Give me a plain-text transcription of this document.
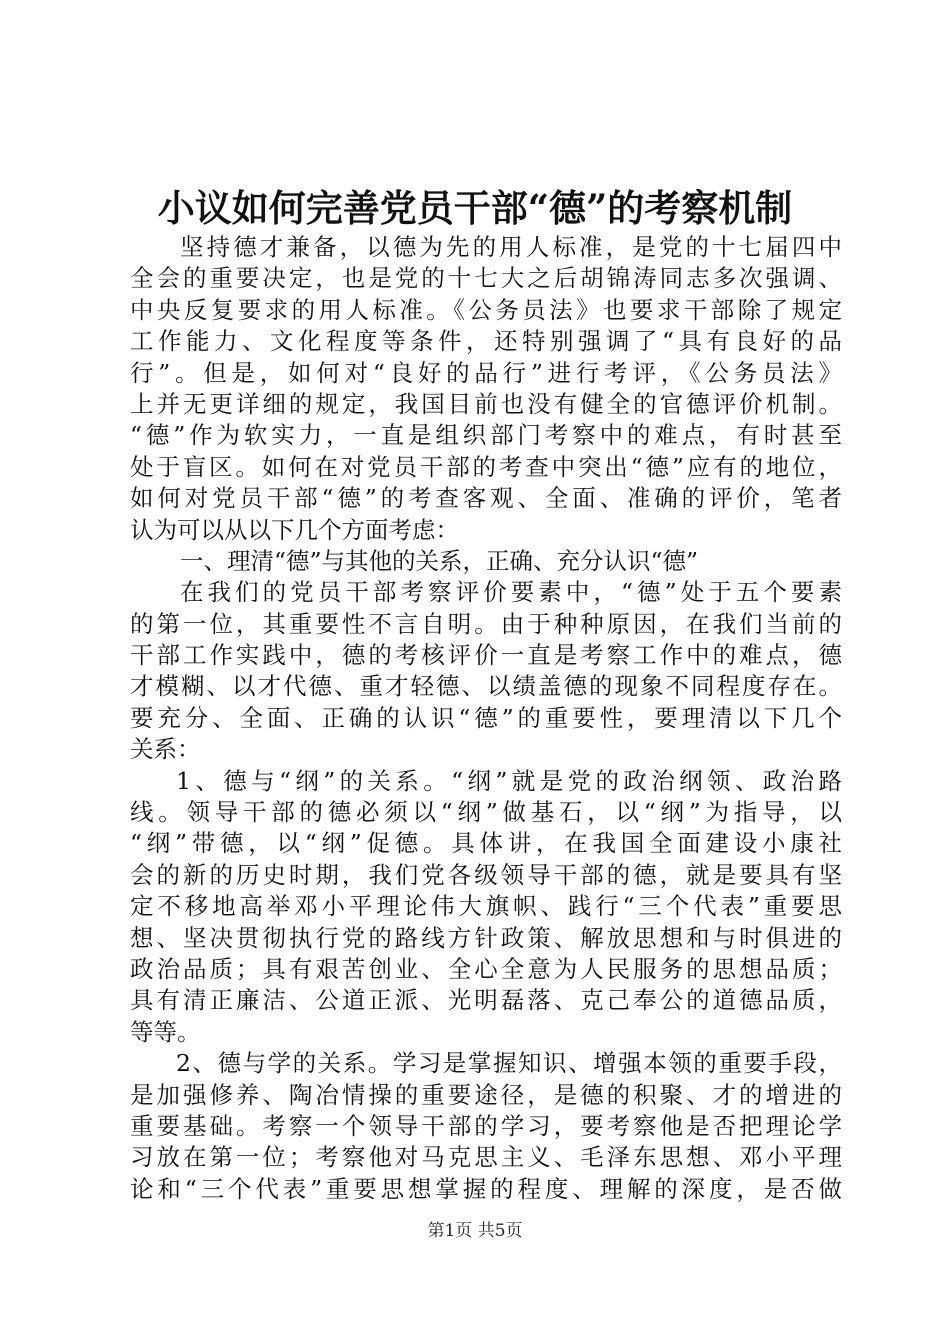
小议如何完善党员干部“德”的考察机制
坚持德才兼备，以德为先的用人标准，是党的十七届四中
全会的重要决定，也是党的十七大之后胡锦涛同志多次强调、
中央反复要求的用人标准。《公务员法》也要求干部除了规定
工作能力、文化程度等条件，还特别强调了“具有良好的品
行”。但是，如何对“良好的品行”进行考评，《公务员法》
上并无更详细的规定，我国目前也没有健全的官德评价机制。
“德”作为软实力，一直是组织部门考察中的难点，有时甚至
处于盲区。如何在对党员干部的考查中突出“德”应有的地位，
如何对党员干部“德”的考查客观、全面、准确的评价，笔者
认为可以从以下几个方面考虑：
一、理清“德”与其他的关系，正确、充分认识“德”
在我们的党员干部考察评价要素中，“德”处于五个要素
的第一位，其重要性不言自明。由于种种原因，在我们当前的
干部工作实践中，德的考核评价一直是考察工作中的难点，德
才模糊、以才代德、重才轻德、以绩盖德的现象不同程度存在。
要充分、全面、正确的认识“德”的重要性，要理清以下几个
关系：
1、德与“纲”的关系。“纲”就是党的政治纲领、政治路
线。领导干部的德必须以“纲”做基石，以“纲”为指导，以
“纲”带德，以“纲”促德。具体讲，在我国全面建设小康社
会的新的历史时期，我们党各级领导干部的德，就是要具有坚
定不移地高举邓小平理论伟大旗帜、践行“三个代表”重要思
想、坚决贯彻执行党的路线方针政策、解放思想和与时俱进的
政治品质；具有艰苦创业、全心全意为人民服务的思想品质；
具有清正廉洁、公道正派、光明磊落、克己奉公的道德品质，
等等。
2、德与学的关系。学习是掌握知识、增强本领的重要手段，
是加强修养、陶冶情操的重要途径，是德的积聚、才的增进的
重要基础。考察一个领导干部的学习，要考察他是否把理论学
习放在第一位；考察他对马克思主义、毛泽东思想、邓小平理
论和“三个代表”重要思想掌握的程度、理解的深度，是否做
第1页 共5页
